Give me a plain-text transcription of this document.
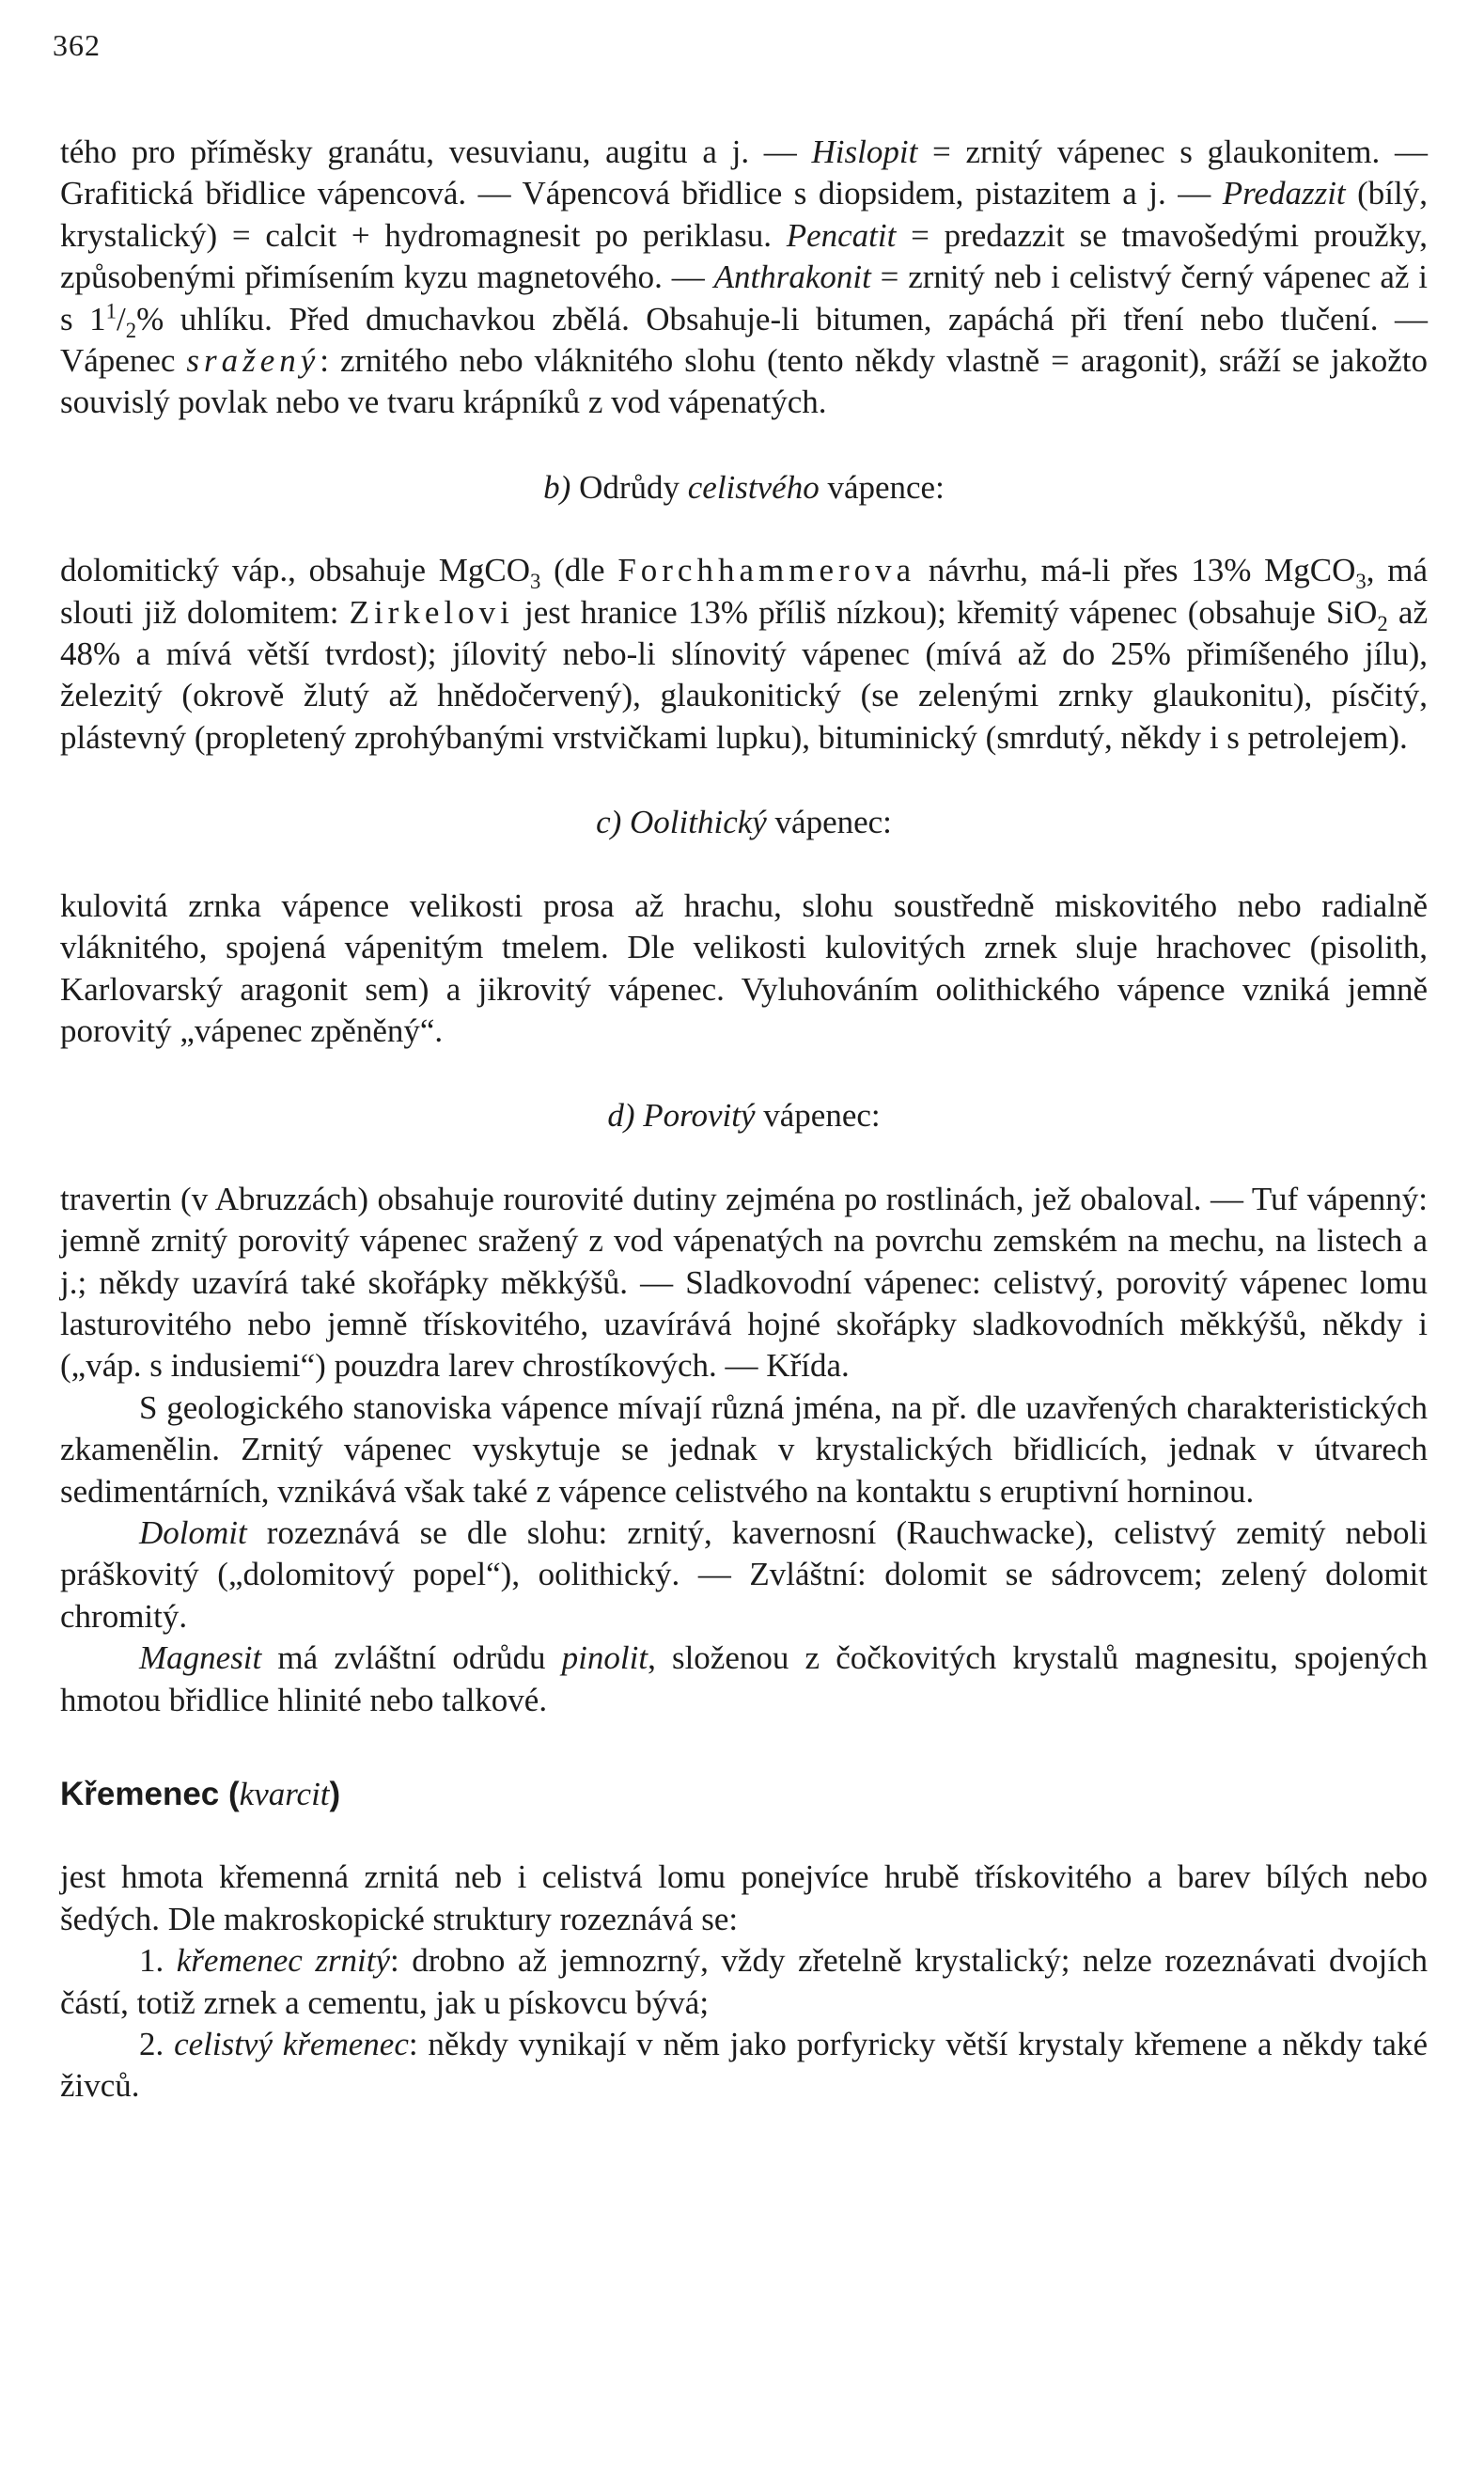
362

tého pro příměsky granátu, vesuvianu, augitu a j. — Hislopit = zrnitý vápenec s glaukonitem. — Grafitická břidlice vápencová. — Vápencová břidlice s diopsidem, pistazitem a j. — Predazzit (bílý, krystalický) = calcit + hydromagnesit po periklasu. Pencatit = predazzit se tmavošedými proužky, způsobenými přimísením kyzu magnetového. — Anthrakonit = zrnitý neb i celistvý černý vápenec až i s $1^1/_2\%$ uhlíku. Před dmuchavkou zbělá. Obsahuje-li bitumen, zapáchá při tření nebo tlučení. — Vápenec sražený: zrnitého nebo vláknitého slohu (tento někdy vlastně = aragonit), sráží se jakožto souvislý povlak nebo ve tvaru krápníků z vod vápenatých.

b) Odrůdy celistvého vápence:

dolomitický váp., obsahuje MgCO$_3$ (dle Forchhammerova návrhu, má-li přes 13% MgCO$_3$, má slouti již dolomitem: Zirkelovi jest hranice 13% příliš nízkou); křemitý vápenec (obsahuje SiO$_2$ až 48% a mívá větší tvrdost); jílovitý nebo-li slínovitý vápenec (mívá až do 25% přimíšeného jílu), železitý (okrově žlutý až hnědočervený), glaukonitický (se zelenými zrnky glaukonitu), písčitý, plástevný (propletený zprohýbanými vrstvičkami lupku), bituminický (smrdutý, někdy i s petrolejem).

c) Oolithický vápenec:

kulovitá zrnka vápence velikosti prosa až hrachu, slohu soustředně miskovitého nebo radialně vláknitého, spojená vápenitým tmelem. Dle velikosti kulovitých zrnek sluje hrachovec (pisolith, Karlovarský aragonit sem) a jikrovitý vápenec. Vyluhováním oolithického vápence vzniká jemně porovitý „vápenec zpěněný“.

d) Porovitý vápenec:

travertin (v Abruzzách) obsahuje rourovité dutiny zejména po rostlinách, jež obaloval. — Tuf vápenný: jemně zrnitý porovitý vápenec sražený z vod vápenatých na povrchu zemském na mechu, na listech a j.; někdy uzavírá také skořápky měkkýšů. — Sladkovodní vápenec: celistvý, porovitý vápenec lomu lasturovitého nebo jemně třískovitého, uzavírává hojné skořápky sladkovodních měkkýšů, někdy i („váp. s indusiemi“) pouzdra larev chrostíkových. — Křída.

S geologického stanoviska vápence mívají různá jména, na př. dle uzavřených charakteristických zkamenělin. Zrnitý vápenec vyskytuje se jednak v krystalických břidlicích, jednak v útvarech sedimentárních, vznikává však také z vápence celistvého na kontaktu s eruptivní horninou.

Dolomit rozeznává se dle slohu: zrnitý, kavernosní (Rauchwacke), celistvý zemitý neboli práškovitý („dolomitový popel“), oolithický. — Zvláštní: dolomit se sádrovcem; zelený dolomit chromitý.

Magnesit má zvláštní odrůdu pinolit, složenou z čočkovitých krystalů magnesitu, spojených hmotou břidlice hlinité nebo talkové.

Křemenec (kvarcit)

jest hmota křemenná zrnitá neb i celistvá lomu ponejvíce hrubě třískovitého a barev bílých nebo šedých. Dle makroskopické struktury rozeznává se:

1. křemenec zrnitý: drobno až jemnozrný, vždy zřetelně krystalický; nelze rozeznávati dvojích částí, totiž zrnek a cementu, jak u pískovcu bývá;

2. celistvý křemenec: někdy vynikají v něm jako porfyricky větší krystaly křemene a někdy také živců.
